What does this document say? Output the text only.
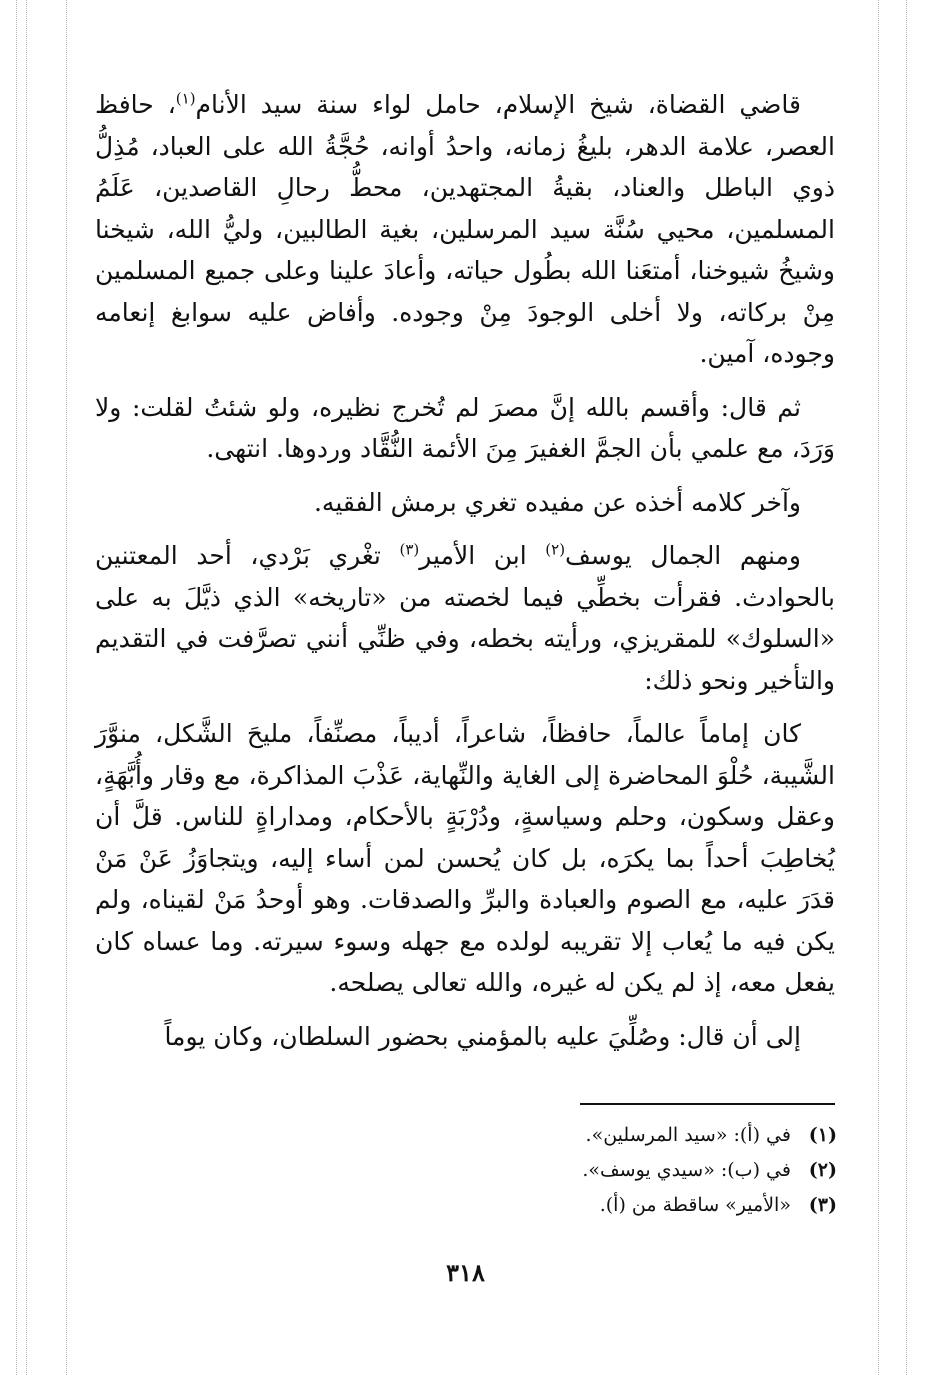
قاضي القضاة، شيخ الإسلام، حامل لواء سنة سيد الأنام$^{(١)}$، حافظ العصر، علامة الدهر، بليغُ زمانه، واحدُ أوانه، حُجَّةُ الله على العباد، مُذِلُّ ذوي الباطل والعناد، بقيةُ المجتهدين، محطُّ رحالِ القاصدين، عَلَمُ المسلمين، محيي سُنَّة سيد المرسلين، بغية الطالبين، وليُّ الله، شيخنا وشيخُ شيوخنا، أمتعَنا الله بطُول حياته، وأعادَ علينا وعلى جميع المسلمين مِنْ بركاته، ولا أخلى الوجودَ مِنْ وجوده. وأفاض عليه سوابغ إنعامه وجوده، آمين.

ثم قال: وأقسم بالله إنَّ مصرَ لم تُخرج نظيره، ولو شئتُ لقلت: ولا وَرَدَ، مع علمي بأن الجمَّ الغفيرَ مِنَ الأئمة النُّقَّاد وردوها. انتهى.

وآخر كلامه أخذه عن مفيده تغري برمش الفقيه.

ومنهم الجمال يوسف$^{(٢)}$ ابن الأمير$^{(٣)}$ تغْري بَرْدي، أحد المعتنين بالحوادث. فقرأت بخطِّي فيما لخصته من «تاريخه» الذي ذيَّلَ به على «السلوك» للمقريزي، ورأيته بخطه، وفي ظنِّي أنني تصرَّفت في التقديم والتأخير ونحو ذلك:

كان إماماً عالماً، حافظاً، شاعراً، أديباً، مصنِّفاً، مليحَ الشَّكل، منوَّرَ الشَّيبة، حُلْوَ المحاضرة إلى الغاية والنِّهاية، عَذْبَ المذاكرة، مع وقار وأُبَّهَةٍ، وعقل وسكون، وحلم وسياسةٍ، ودُرْبَةٍ بالأحكام، ومداراةٍ للناس. قلَّ أن يُخاطِبَ أحداً بما يكرَه، بل كان يُحسن لمن أساء إليه، ويتجاوَزُ عَنْ مَنْ قدَرَ عليه، مع الصوم والعبادة والبرِّ والصدقات. وهو أوحدُ مَنْ لقيناه، ولم يكن فيه ما يُعاب إلا تقريبه لولده مع جهله وسوء سيرته. وما عساه كان يفعل معه، إذ لم يكن له غيره، والله تعالى يصلحه.

إلى أن قال: وصُلِّيَ عليه بالمؤمني بحضور السلطان، وكان يوماً

(١) في (أ): «سيد المرسلين».
(٢) في (ب): «سيدي يوسف».
(٣) «الأمير» ساقطة من (أ).
٣١٨
